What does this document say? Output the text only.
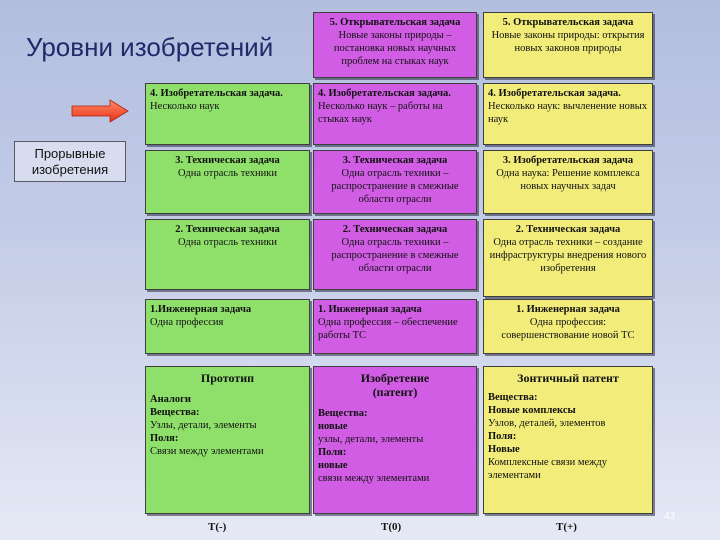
Уровни изобретений
Прорывные изобретения
5. Открывательская задача
Новые законы природы – постановка новых научных проблем на стыках наук
5. Открывательская задача
Новые законы природы: открытия новых законов природы
4. Изобретательская задача.
Несколько наук
4. Изобретательская задача.
Несколько наук – работы на стыках наук
4. Изобретательская задача.
Несколько наук: вычленение новых наук
3. Техническая задача
Одна отрасль техники
3. Техническая задача
Одна отрасль техники – распространение в смежные области отрасли
3. Изобретательская задача
Одна наука: Решение комплекса новых научных задач
2. Техническая задача
Одна отрасль техники
2. Техническая задача
Одна отрасль техники – распространение в смежные области отрасли
2. Техническая задача
Одна отрасль техники – создание инфраструктуры внедрения нового изобретения
1.Инженерная задача
Одна профессия
1. Инженерная задача
Одна профессия – обеспечение работы ТС
1. Инженерная задача
Одна профессия: совершенствование новой ТС
Прототип
Аналоги
Вещества:
Узлы, детали, элементы
Поля:
Связи между элементами
Изобретение (патент)
Вещества:
новые
узлы, детали, элементы
Поля:
новые
связи между элементами
Зонтичный патент
Вещества:
Новые комплексы
Узлов, деталей, элементов
Поля:
Новые
Комплексные связи между элементами
T(-)	T(0)	T(+)
43
